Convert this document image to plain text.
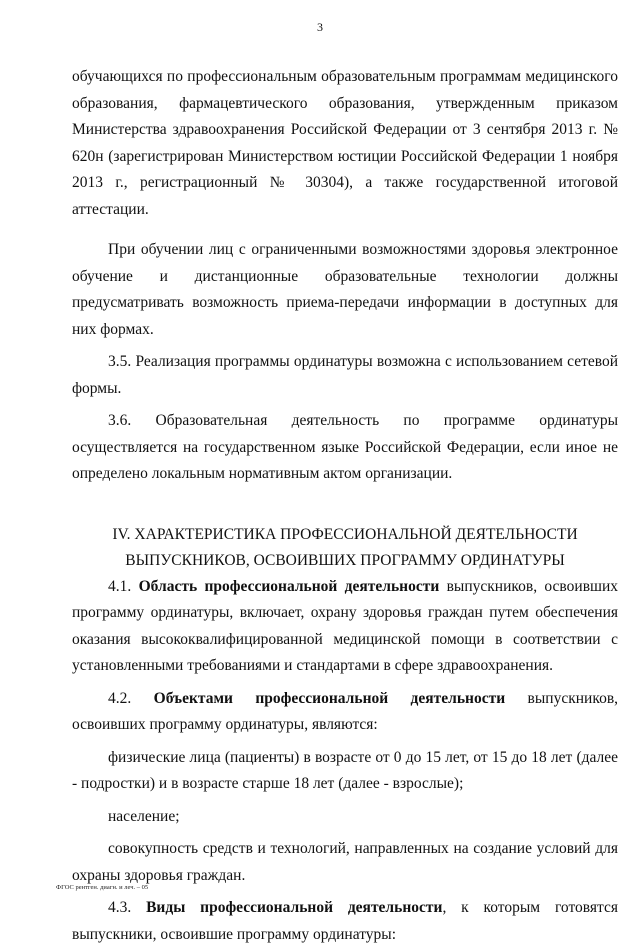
3

обучающихся по профессиональным образовательным программам медицинского образования, фармацевтического образования, утвержденным приказом Министерства здравоохранения Российской Федерации от 3 сентября 2013 г. № 620н (зарегистрирован Министерством юстиции Российской Федерации 1 ноября 2013 г., регистрационный № 30304), а также государственной итоговой аттестации.

При обучении лиц с ограниченными возможностями здоровья электронное обучение и дистанционные образовательные технологии должны предусматривать возможность приема-передачи информации в доступных для них формах.

3.5. Реализация программы ординатуры возможна с использованием сетевой формы.

3.6. Образовательная деятельность по программе ординатуры осуществляется на государственном языке Российской Федерации, если иное не определено локальным нормативным актом организации.

IV. ХАРАКТЕРИСТИКА ПРОФЕССИОНАЛЬНОЙ ДЕЯТЕЛЬНОСТИ
ВЫПУСКНИКОВ, ОСВОИВШИХ ПРОГРАММУ ОРДИНАТУРЫ

4.1. Область профессиональной деятельности выпускников, освоивших программу ординатуры, включает, охрану здоровья граждан путем обеспечения оказания высококвалифицированной медицинской помощи в соответствии с установленными требованиями и стандартами в сфере здравоохранения.

4.2. Объектами профессиональной деятельности выпускников, освоивших программу ординатуры, являются:

физические лица (пациенты) в возрасте от 0 до 15 лет, от 15 до 18 лет (далее - подростки) и в возрасте старше 18 лет (далее - взрослые);

население;

совокупность средств и технологий, направленных на создание условий для охраны здоровья граждан.

4.3. Виды профессиональной деятельности, к которым готовятся выпускники, освоившие программу ординатуры:

ФГОС рентген. диагн. и леч. – 05
